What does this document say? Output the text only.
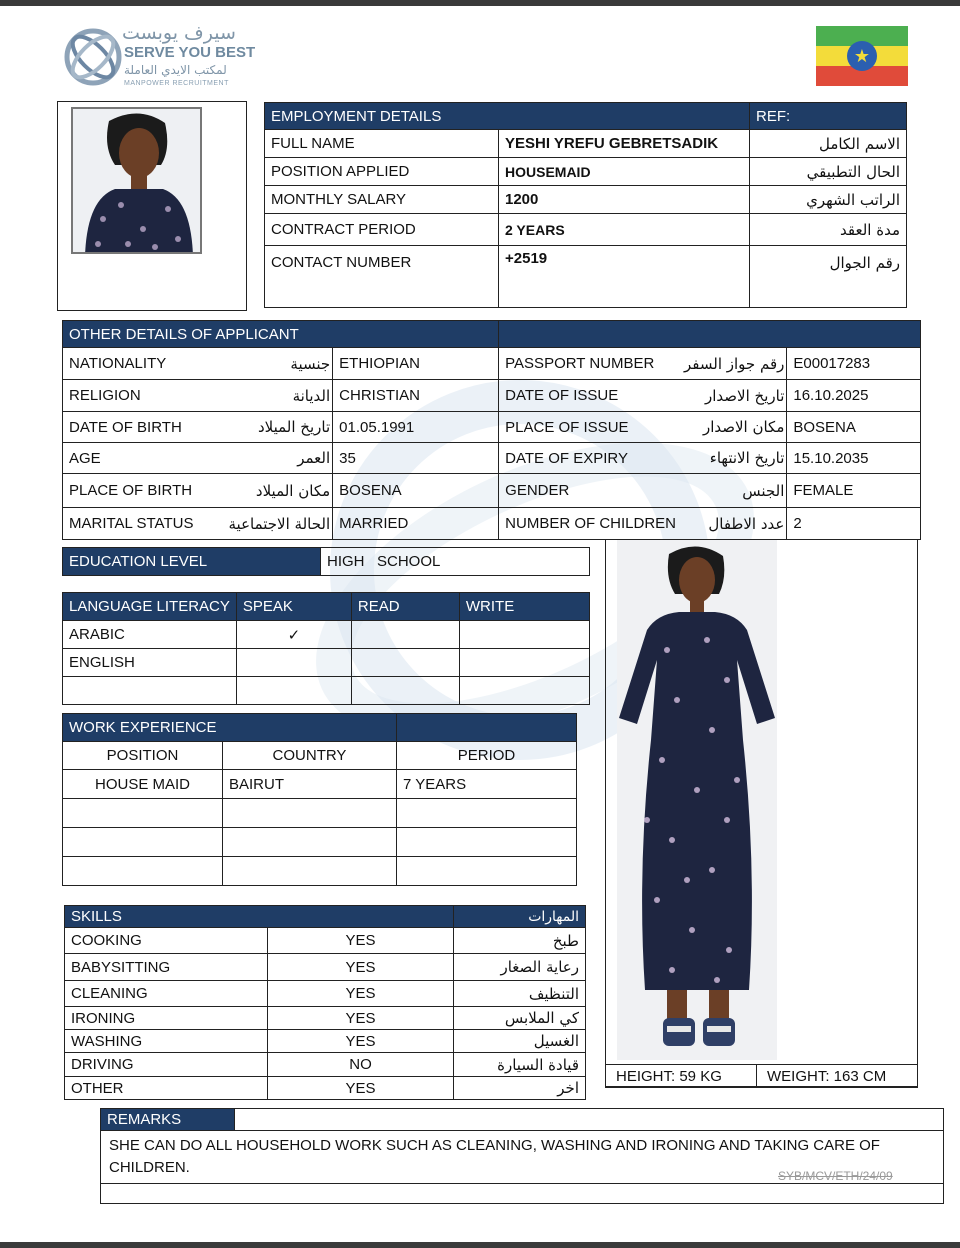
سيرف يوبست
SERVE YOU BEST
لمكتب الايدي العاملة
MANPOWER RECRUITMENT
★
EMPLOYMENT DETAILS		REF:
FULL NAME	YESHI YREFU GEBRETSADIK	الاسم الكامل
POSITION APPLIED	HOUSEMAID	الحال التطبيقي
MONTHLY SALARY	1200	الراتب الشهري
CONTRACT PERIOD	2 YEARS	مدة العقد
CONTACT NUMBER	+2519	رقم الجوال
OTHER DETAILS OF APPLICANT					
NATIONALITY	جنسية	ETHIOPIAN	PASSPORT NUMBER	رقم جواز السفر	E00017283
RELIGION	الديانة	CHRISTIAN	DATE OF ISSUE	تاريخ الاصدار	16.10.2025
DATE OF BIRTH	تاريخ الميلاد	01.05.1991	PLACE OF ISSUE	مكان الاصدار	BOSENA
AGE	العمر	35	DATE OF EXPIRY	تاريخ الانتهاء	15.10.2035
PLACE OF BIRTH	مكان الميلاد	BOSENA	GENDER	الجنس	FEMALE
MARITAL STATUS	الحالة الاجتماعية	MARRIED	NUMBER OF CHILDREN	عدد الاطفال	2
EDUCATION LEVEL	HIGH   SCHOOL
LANGUAGE LITERACY	SPEAK	READ	WRITE
ARABIC	✓		
ENGLISH			

WORK EXPERIENCE		
POSITION	COUNTRY	PERIOD
HOUSE MAID	BAIRUT	7 YEARS

SKILLS		المهارات
COOKING	YES	طبخ
BABYSITTING	YES	رعاية الصغار
CLEANING	YES	التنظيف
IRONING	YES	كي الملابس
WASHING	YES	الغسيل
DRIVING	NO	قيادة السيارة
OTHER	YES	اخر
HEIGHT: 59 KG	WEIGHT: 163 CM
REMARKS	

SHE CAN DO ALL HOUSEHOLD WORK SUCH AS CLEANING, WASHING AND IRONING AND TAKING CARE OF
CHILDREN.	SYB/MCV/ETH/24/09
